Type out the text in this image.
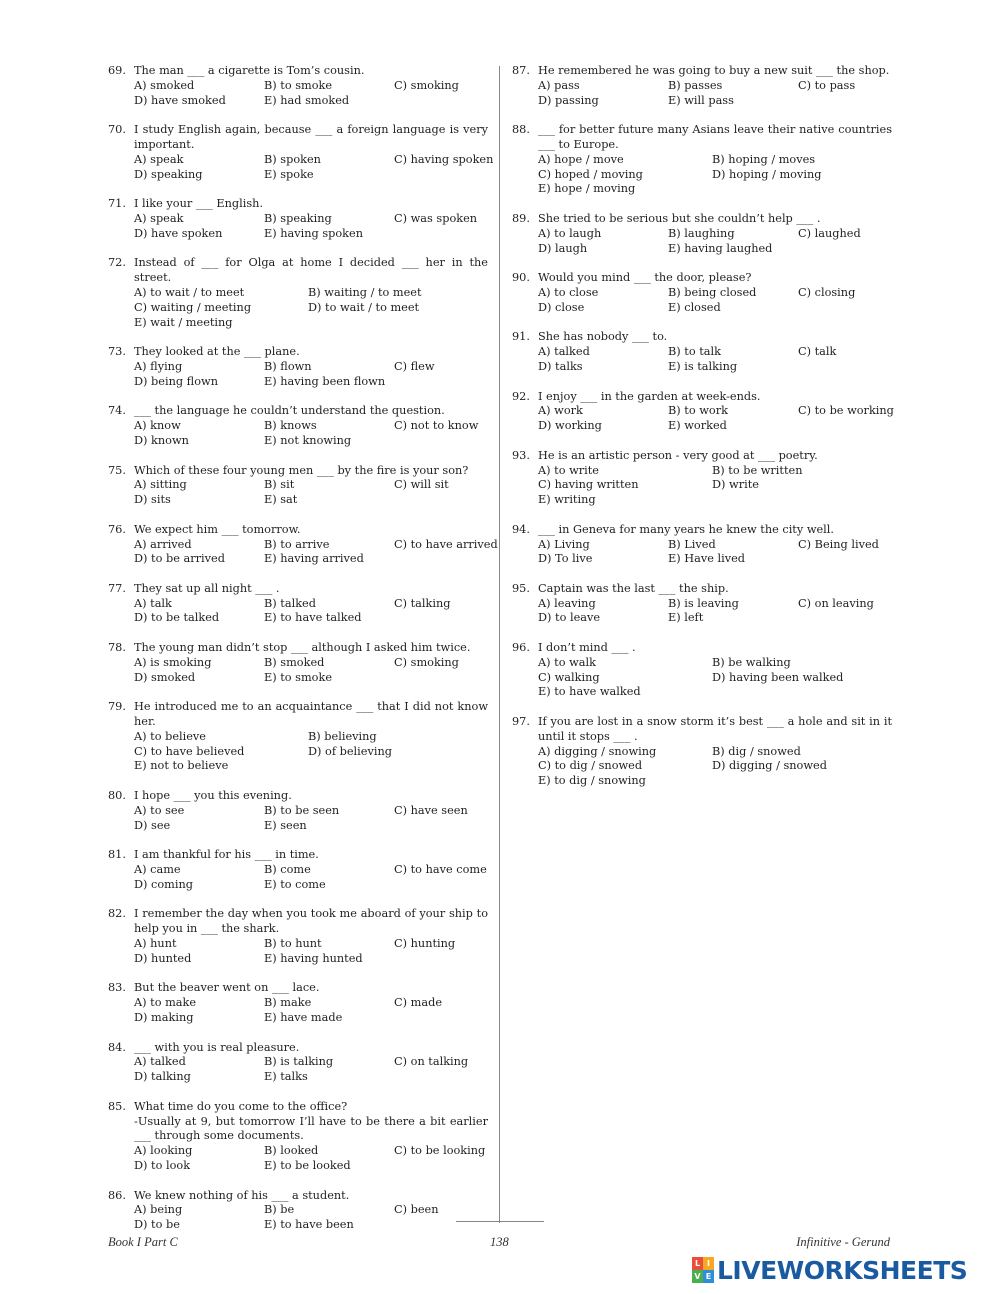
69. The man ___ a cigarette is Tom’s cousin.
A) smoked	B) to smoke	C) smoking
D) have smoked	E) had smoked
70. I study English again, because ___ a foreign language is very important.
A) speak	B) spoken	C) having spoken
D) speaking	E) spoke
71. I like your ___ English.
A) speak	B) speaking	C) was spoken
D) have spoken	E) having spoken
72. Instead of ___ for Olga at home I decided ___ her in the street.
A) to wait / to meet	B) waiting / to meet
C) waiting / meeting	D) to wait / to meet
E) wait / meeting
73. They looked at the ___ plane.
A) flying	B) flown	C) flew
D) being flown	E) having been flown
74. ___ the language he couldn’t understand the question.
A) know	B) knows	C) not to know
D) known	E) not knowing
75. Which of these four young men ___ by the fire is your son?
A) sitting	B) sit	C) will sit
D) sits	E) sat
76. We expect him ___ tomorrow.
A) arrived	B) to arrive	C) to have arrived
D) to be arrived	E) having arrived
77. They sat up all night ___ .
A) talk	B) talked	C) talking
D) to be talked	E) to have talked
78. The young man didn’t stop ___ although I asked him twice.
A) is smoking	B) smoked	C) smoking
D) smoked	E) to smoke
79. He introduced me to an acquaintance ___ that I did not know her.
A) to believe	B) believing
C) to have believed	D) of believing
E) not to believe
80. I hope ___ you this evening.
A) to see	B) to be seen	C) have seen
D) see	E) seen
81. I am thankful for his ___ in time.
A) came	B) come	C) to have come
D) coming	E) to come
82. I remember the day when you took me aboard of your ship to help you in ___ the shark.
A) hunt	B) to hunt	C) hunting
D) hunted	E) having hunted
83. But the beaver went on ___ lace.
A) to make	B) make	C) made
D) making	E) have made
84. ___ with you is real pleasure.
A) talked	B) is talking	C) on talking
D) talking	E) talks
85. What time do you come to the office?
-Usually at 9, but tomorrow I’ll have to be there a bit earlier ___ through some documents.
A) looking	B) looked	C) to be looking
D) to look	E) to be looked
86. We knew nothing of his ___ a student.
A) being	B) be	C) been
D) to be	E) to have been
87. He remembered he was going to buy a new suit ___ the shop.
A) pass	B) passes	C) to pass
D) passing	E) will pass
88. ___ for better future many Asians leave their native countries ___ to Europe.
A) hope / move	B) hoping / moves
C) hoped / moving	D) hoping / moving
E) hope / moving
89. She tried to be serious but she couldn’t help ___ .
A) to laugh	B) laughing	C) laughed
D) laugh	E) having laughed
90. Would you mind ___ the door, please?
A) to close	B) being closed	C) closing
D) close	E) closed
91. She has nobody ___ to.
A) talked	B) to talk	C) talk
D) talks	E) is talking
92. I enjoy ___ in the garden at week-ends.
A) work	B) to work	C) to be working
D) working	E) worked
93. He is an artistic person - very good at ___ poetry.
A) to write	B) to be written
C) having written	D) write
E) writing
94. ___ in Geneva for many years he knew the city well.
A) Living	B) Lived	C) Being lived
D) To live	E) Have lived
95. Captain was the last ___ the ship.
A) leaving	B) is leaving	C) on leaving
D) to leave	E) left
96. I don’t mind ___ .
A) to walk	B) be walking
C) walking	D) having been walked
E) to have walked
97. If you are lost in a snow storm it’s best ___ a hole and sit in it until it stops ___ .
A) digging / snowing	B) dig / snowed
C) to dig / snowed	D) digging / snowed
E) to dig / snowing
Book I Part C	138	Infinitive - Gerund
L I
V E LIVEWORKSHEETS
